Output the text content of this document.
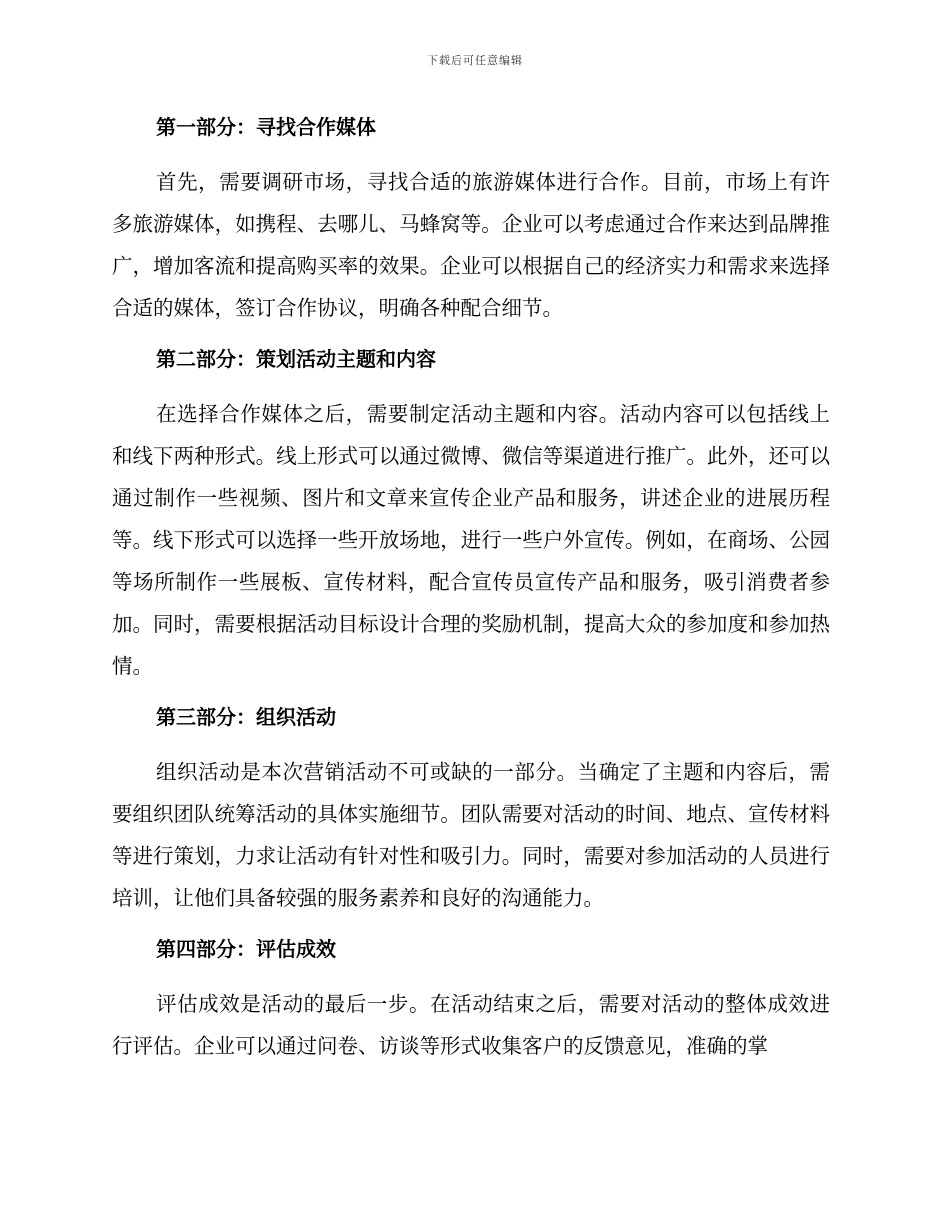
下载后可任意编辑
第一部分：寻找合作媒体

首先，需要调研市场，寻找合适的旅游媒体进行合作。目前，市场上有许多旅游媒体，如携程、去哪儿、马蜂窝等。企业可以考虑通过合作来达到品牌推广，增加客流和提高购买率的效果。企业可以根据自己的经济实力和需求来选择合适的媒体，签订合作协议，明确各种配合细节。

第二部分：策划活动主题和内容

在选择合作媒体之后，需要制定活动主题和内容。活动内容可以包括线上和线下两种形式。线上形式可以通过微博、微信等渠道进行推广。此外，还可以通过制作一些视频、图片和文章来宣传企业产品和服务，讲述企业的进展历程等。线下形式可以选择一些开放场地，进行一些户外宣传。例如，在商场、公园等场所制作一些展板、宣传材料，配合宣传员宣传产品和服务，吸引消费者参加。同时，需要根据活动目标设计合理的奖励机制，提高大众的参加度和参加热情。

第三部分：组织活动

组织活动是本次营销活动不可或缺的一部分。当确定了主题和内容后，需要组织团队统筹活动的具体实施细节。团队需要对活动的时间、地点、宣传材料等进行策划，力求让活动有针对性和吸引力。同时，需要对参加活动的人员进行培训，让他们具备较强的服务素养和良好的沟通能力。

第四部分：评估成效

评估成效是活动的最后一步。在活动结束之后，需要对活动的整体成效进行评估。企业可以通过问卷、访谈等形式收集客户的反馈意见，准确的掌
